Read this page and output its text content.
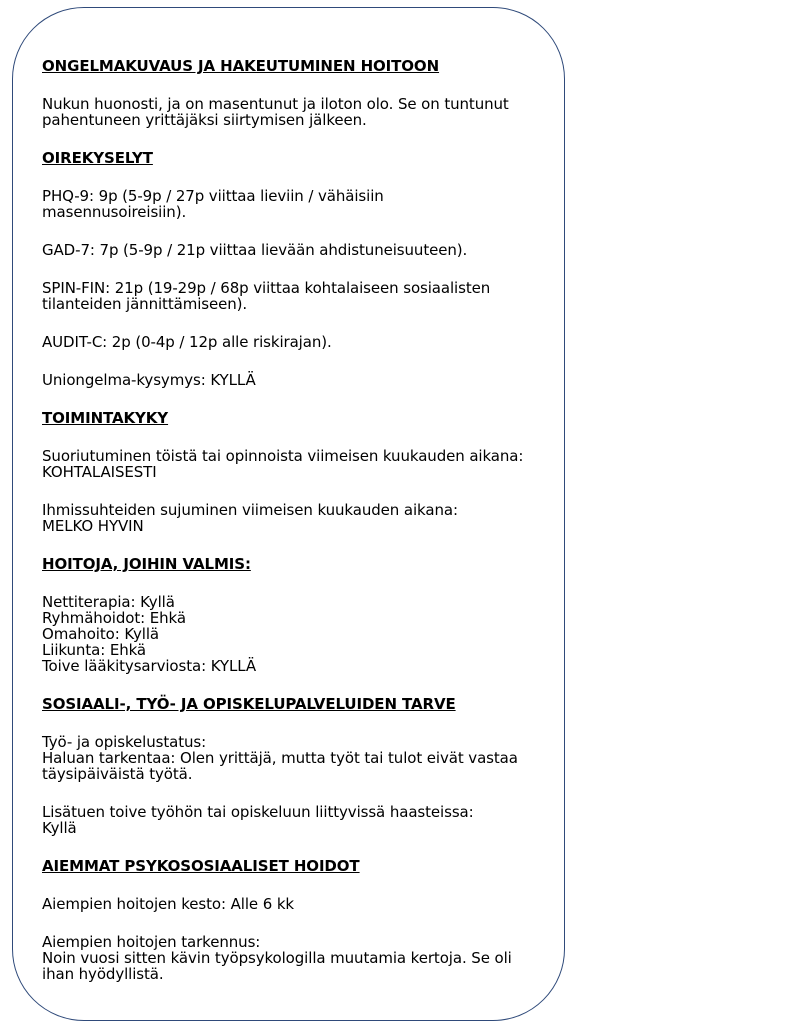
ONGELMAKUVAUS JA HAKEUTUMINEN HOITOON
Nukun huonosti, ja on masentunut ja iloton olo. Se on tuntunut
pahentuneen yrittäjäksi siirtymisen jälkeen.
OIREKYSELYT
PHQ-9: 9p (5-9p / 27p viittaa lieviin / vähäisiin
masennusoireisiin).
GAD-7: 7p (5-9p / 21p viittaa lievään ahdistuneisuuteen).
SPIN-FIN: 21p (19-29p / 68p viittaa kohtalaiseen sosiaalisten
tilanteiden jännittämiseen).
AUDIT-C: 2p (0-4p / 12p alle riskirajan).
Uniongelma-kysymys: KYLLÄ
TOIMINTAKYKY
Suoriutuminen töistä tai opinnoista viimeisen kuukauden aikana:
KOHTALAISESTI
Ihmissuhteiden sujuminen viimeisen kuukauden aikana:
MELKO HYVIN
HOITOJA, JOIHIN VALMIS:
Nettiterapia: Kyllä
Ryhmähoidot: Ehkä
Omahoito: Kyllä
Liikunta: Ehkä
Toive lääkitysarviosta: KYLLÄ
SOSIAALI-, TYÖ- JA OPISKELUPALVELUIDEN TARVE
Työ- ja opiskelustatus:
Haluan tarkentaa: Olen yrittäjä, mutta työt tai tulot eivät vastaa
täysipäiväistä työtä.
Lisätuen toive työhön tai opiskeluun liittyvissä haasteissa:
Kyllä
AIEMMAT PSYKOSOSIAALISET HOIDOT
Aiempien hoitojen kesto: Alle 6 kk
Aiempien hoitojen tarkennus:
Noin vuosi sitten kävin työpsykologilla muutamia kertoja. Se oli
ihan hyödyllistä.
